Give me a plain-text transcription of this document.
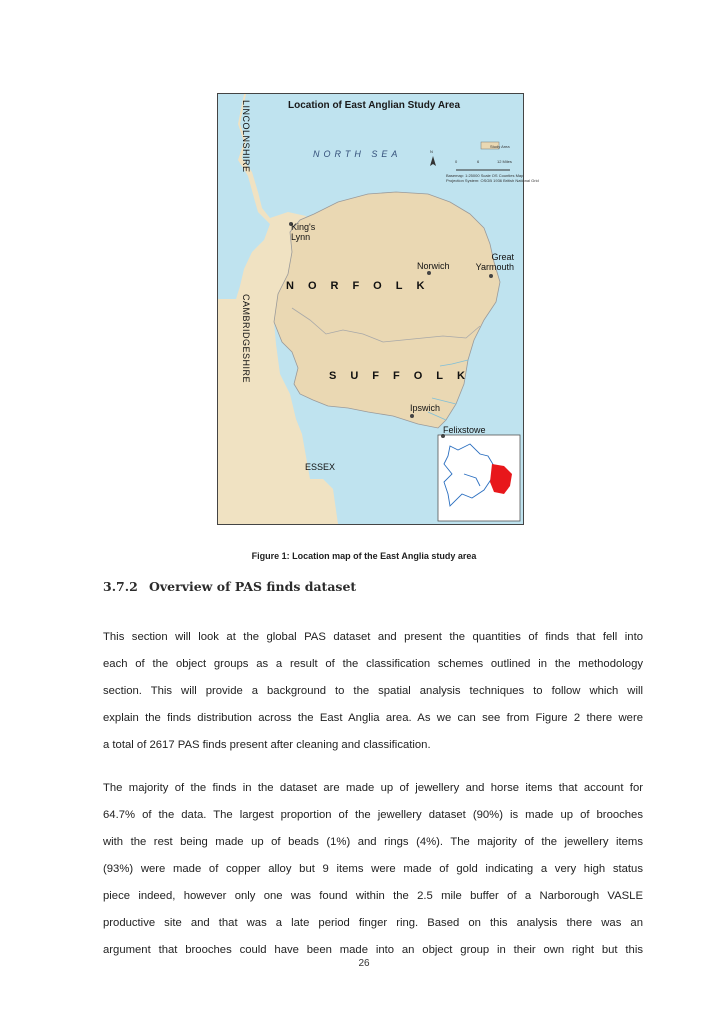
Location of East Anglian Study Area
LINCOLNSHIRE
CAMBRIDGESHIRE
NORTH SEA
King's
Lynn
Norwich
Great
Yarmouth
Ipswich
Felixstowe
ESSEX
NORFOLK
SUFFOLK
Study Area
N
0	6	12 Miles
Basemap: 1:25000 Scale OS Counties Map
Projection System: OSGB 1936 British National Grid
Figure 1: Location map of the East Anglia study area
3.7.2 Overview of PAS finds dataset
This section will look at the global PAS dataset and present the quantities of finds that fell into
each of the object groups as a result of the classification schemes outlined in the methodology
section. This will provide a background to the spatial analysis techniques to follow which will
explain the finds distribution across the East Anglia area. As we can see from Figure 2 there were
a total of 2617 PAS finds present after cleaning and classification.
The majority of the finds in the dataset are made up of jewellery and horse items that account for
64.7% of the data. The largest proportion of the jewellery dataset (90%) is made up of brooches
with the rest being made up of beads (1%) and rings (4%). The majority of the jewellery items
(93%) were made of copper alloy but 9 items were made of gold indicating a very high status
piece indeed, however only one was found within the 2.5 mile buffer of a Narborough VASLE
productive site and that was a late period finger ring. Based on this analysis there was an
argument that brooches could have been made into an object group in their own right but this
26
